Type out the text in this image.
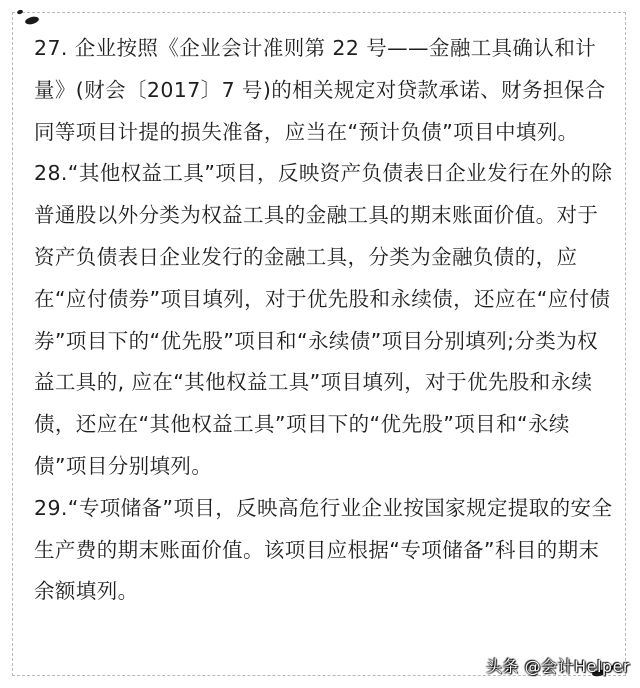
27. 企业按照《企业会计准则第 22 号——金融工具确认和计量》(财会〔2017〕7 号)的相关规定对贷款承诺、财务担保合同等项目计提的损失准备，应当在“预计负债”项目中填列。28.“其他权益工具”项目，反映资产负债表日企业发行在外的除普通股以外分类为权益工具的金融工具的期末账面价值。对于资产负债表日企业发行的金融工具，分类为金融负债的，应在“应付债券”项目填列，对于优先股和永续债，还应在“应付债券”项目下的“优先股”项目和“永续债”项目分别填列;分类为权益工具的, 应在“其他权益工具”项目填列，对于优先股和永续债，还应在“其他权益工具”项目下的“优先股”项目和“永续债”项目分别填列。

29.“专项储备”项目，反映高危行业企业按国家规定提取的安全生产费的期末账面价值。该项目应根据“专项储备”科目的期末余额填列。

头条 @会计Helper
